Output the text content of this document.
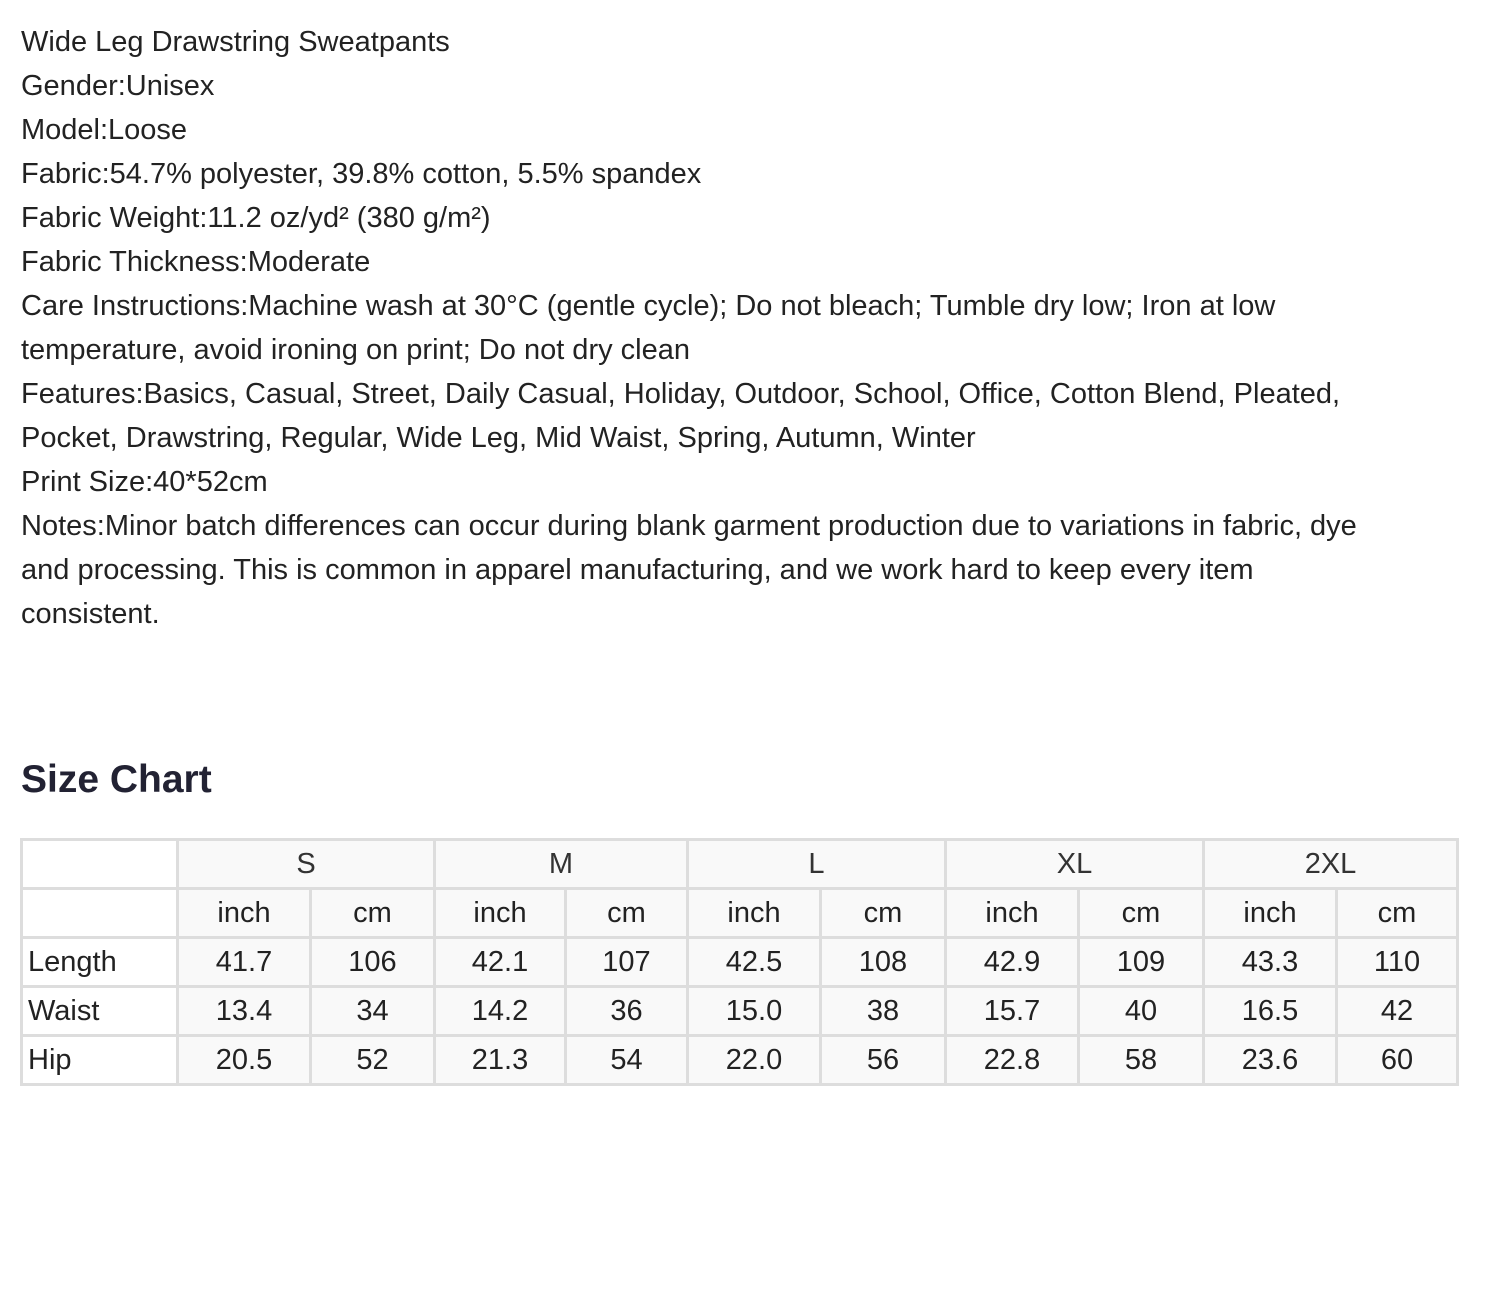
Wide Leg Drawstring Sweatpants

Gender:Unisex

Model:Loose

Fabric:54.7% polyester, 39.8% cotton, 5.5% spandex

Fabric Weight:11.2 oz/yd² (380 g/m²)

Fabric Thickness:Moderate

Care Instructions:Machine wash at 30°C (gentle cycle); Do not bleach; Tumble dry low; Iron at low

temperature, avoid ironing on print; Do not dry clean

Features:Basics, Casual, Street, Daily Casual, Holiday, Outdoor, School, Office, Cotton Blend, Pleated,

Pocket, Drawstring, Regular, Wide Leg, Mid Waist, Spring, Autumn, Winter

Print Size:40*52cm

Notes:Minor batch differences can occur during blank garment production due to variations in fabric, dye

and processing. This is common in apparel manufacturing, and we work hard to keep every item

consistent.

Size Chart
	S		M		L		XL		2XL	
	inch	cm	inch	cm	inch	cm	inch	cm	inch	cm
Length	41.7	106	42.1	107	42.5	108	42.9	109	43.3	110
Waist	13.4	34	14.2	36	15.0	38	15.7	40	16.5	42
Hip	20.5	52	21.3	54	22.0	56	22.8	58	23.6	60
